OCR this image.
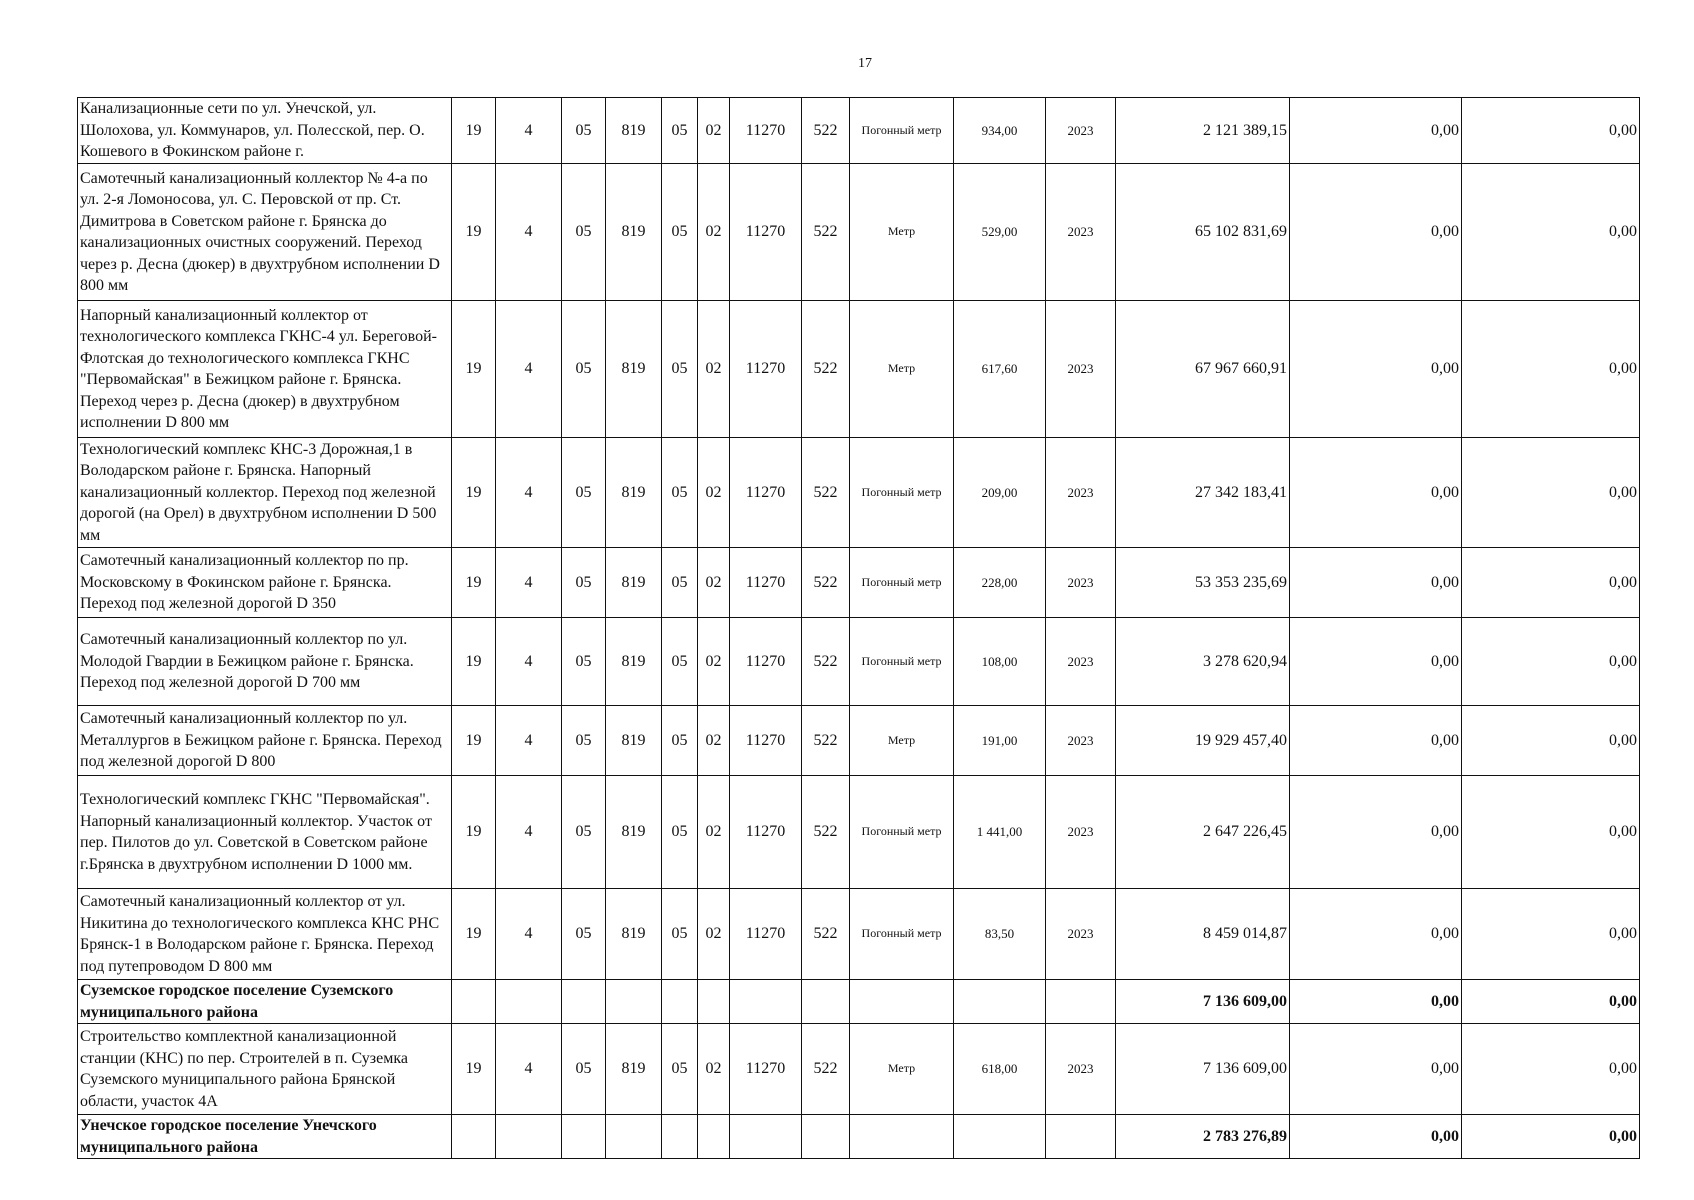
17
Канализационные сети по ул. Унечской, ул. Шолохова, ул. Коммунаров, ул. Полесской, пер. О. Кошевого в Фокинском районе г.	19	4	05	819	05	02	11270	522	Погонный метр	934,00	2023	2 121 389,15	0,00	0,00
Самотечный канализационный коллектор № 4-а по ул. 2-я Ломоносова, ул. С. Перовской от пр. Ст. Димитрова в Советском районе г. Брянска до канализационных очистных сооружений. Переход через р. Десна (дюкер) в двухтрубном исполнении D 800 мм	19	4	05	819	05	02	11270	522	Метр	529,00	2023	65 102 831,69	0,00	0,00
Напорный канализационный коллектор от технологического комплекса ГКНС-4 ул. Береговой-Флотская до технологического комплекса ГКНС "Первомайская" в Бежицком районе г. Брянска. Переход через р. Десна (дюкер) в двухтрубном исполнении D 800 мм	19	4	05	819	05	02	11270	522	Метр	617,60	2023	67 967 660,91	0,00	0,00
Технологический комплекс КНС-3 Дорожная,1 в Володарском районе г. Брянска. Напорный канализационный коллектор. Переход под железной дорогой (на Орел) в двухтрубном исполнении D 500 мм	19	4	05	819	05	02	11270	522	Погонный метр	209,00	2023	27 342 183,41	0,00	0,00
Самотечный канализационный коллектор по пр. Московскому в Фокинском районе г. Брянска. Переход под железной дорогой D 350	19	4	05	819	05	02	11270	522	Погонный метр	228,00	2023	53 353 235,69	0,00	0,00
Самотечный канализационный коллектор по ул. Молодой Гвардии в Бежицком районе г. Брянска. Переход под железной дорогой D 700 мм	19	4	05	819	05	02	11270	522	Погонный метр	108,00	2023	3 278 620,94	0,00	0,00
Самотечный канализационный коллектор по ул. Металлургов в Бежицком районе г. Брянска. Переход под железной дорогой D 800	19	4	05	819	05	02	11270	522	Метр	191,00	2023	19 929 457,40	0,00	0,00
Технологический комплекс ГКНС "Первомайская". Напорный канализационный коллектор. Участок от пер. Пилотов до ул. Советской в Советском районе г.Брянска в двухтрубном исполнении D 1000 мм.	19	4	05	819	05	02	11270	522	Погонный метр	1 441,00	2023	2 647 226,45	0,00	0,00
Самотечный канализационный коллектор от ул. Никитина до технологического комплекса КНС РНС Брянск-1 в Володарском районе г. Брянска. Переход под путепроводом D 800 мм	19	4	05	819	05	02	11270	522	Погонный метр	83,50	2023	8 459 014,87	0,00	0,00
Суземское городское поселение Суземского муниципального района												7 136 609,00	0,00	0,00
Строительство комплектной канализационной станции (КНС) по пер. Строителей в п. Суземка Суземского муниципального района Брянской области, участок 4А	19	4	05	819	05	02	11270	522	Метр	618,00	2023	7 136 609,00	0,00	0,00
Унечское городское поселение Унечского муниципального района												2 783 276,89	0,00	0,00
